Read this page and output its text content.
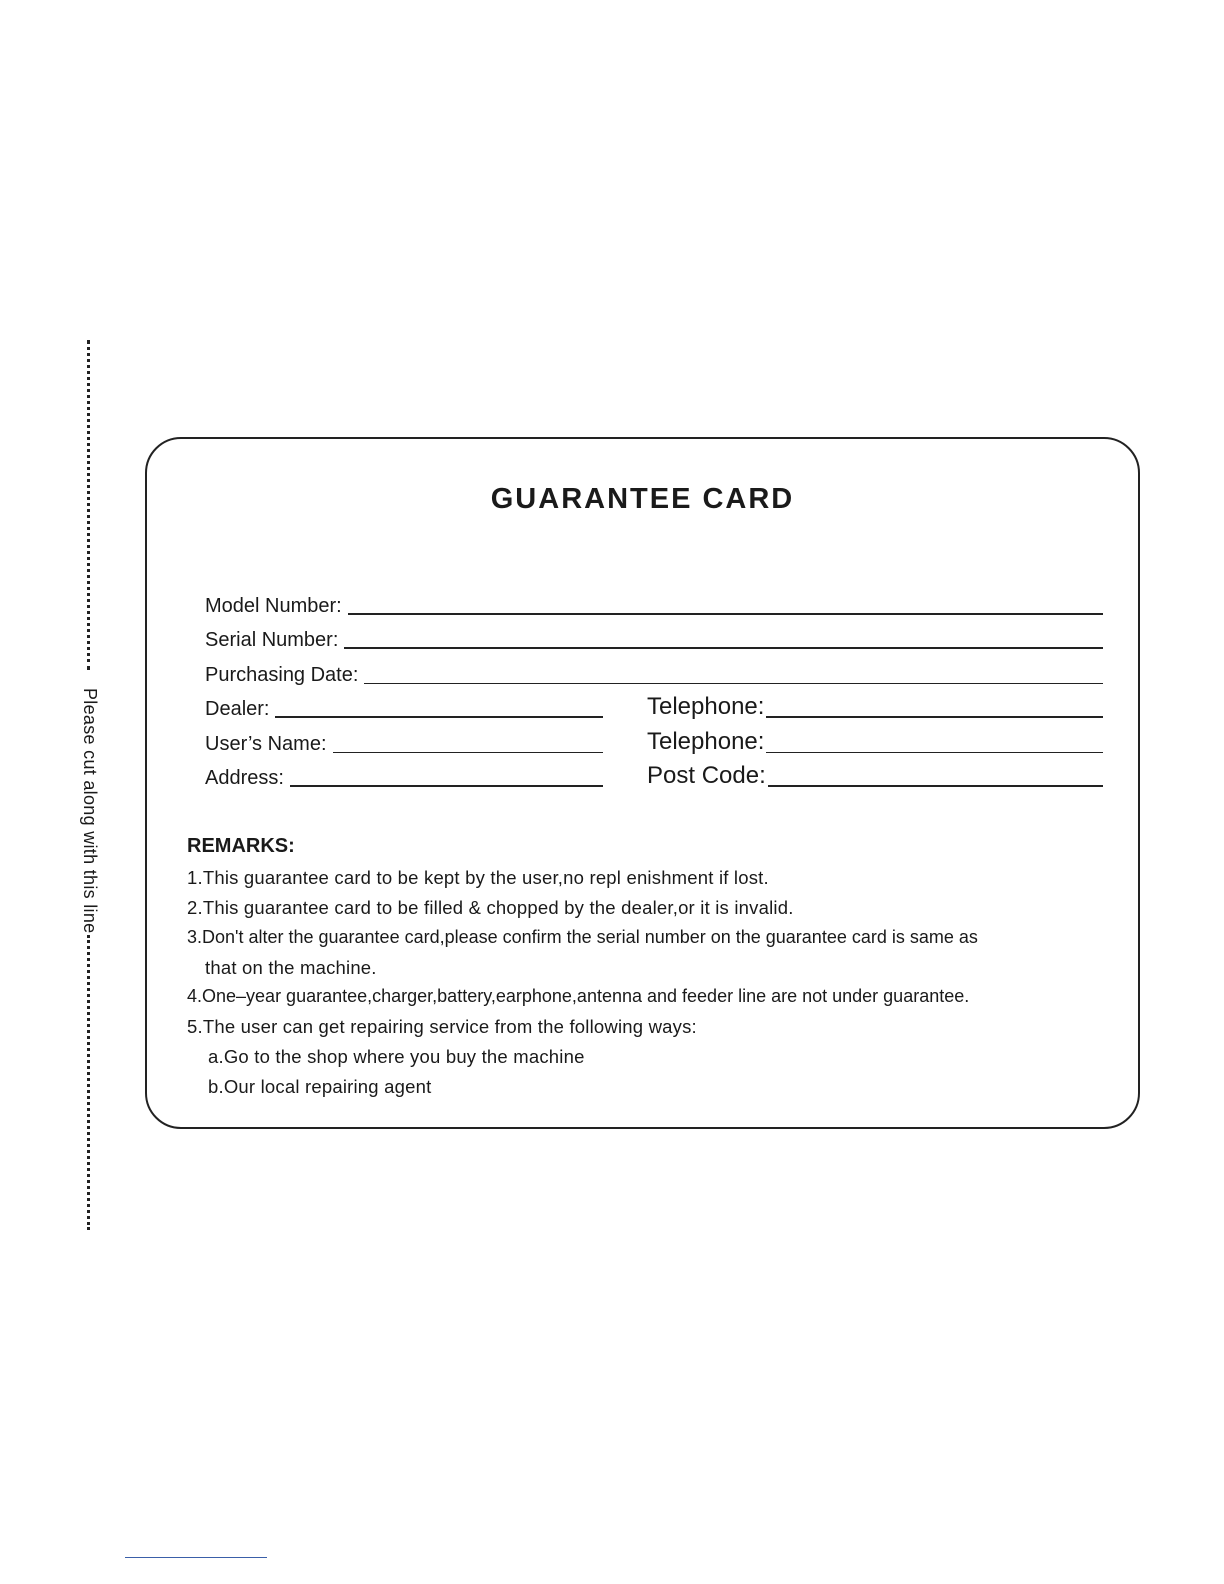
Please cut along with this line
GUARANTEE CARD
Model Number:
Serial Number:
Purchasing Date:
Dealer:	Telephone:
User’s Name:	Telephone:
Address:	Post Code:
REMARKS:
1.This guarantee card to be kept by the user,no repl enishment if lost.
2.This guarantee card to be filled & chopped by the dealer,or it is invalid.
3.Don't alter the guarantee card,please confirm the serial number on the guarantee card is same as
that on the machine.
4.One–year guarantee,charger,battery,earphone,antenna and feeder line are not under guarantee.
5.The user can get repairing service from the following ways:
a.Go to the shop where you buy the machine
b.Our local repairing agent
